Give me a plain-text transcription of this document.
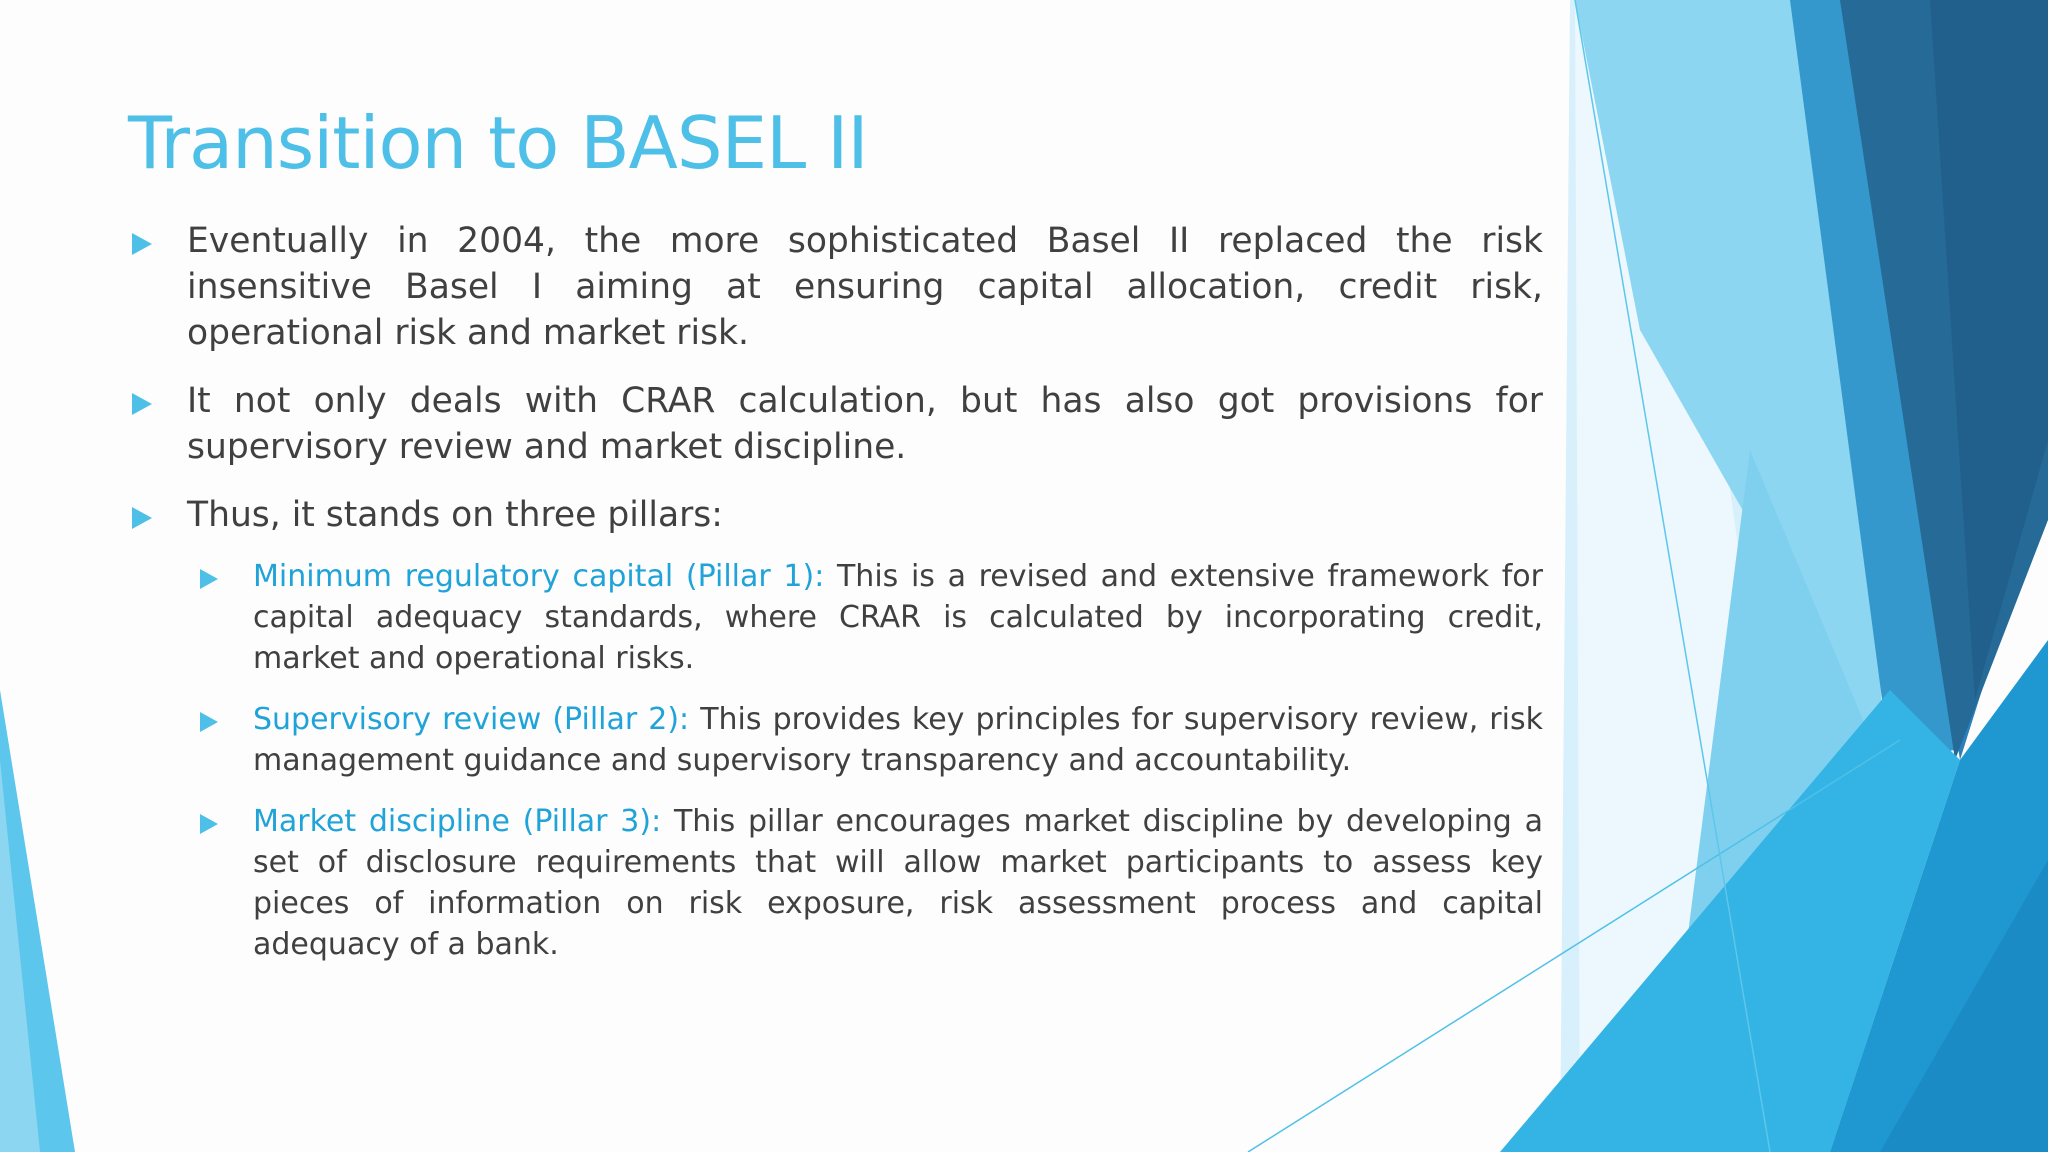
Transition to BASEL II
Eventually in 2004, the more sophisticated Basel II replaced the risk insensitive Basel I aiming at ensuring capital allocation, credit risk, operational risk and market risk.
It not only deals with CRAR calculation, but has also got provisions for supervisory review and market discipline.
Thus, it stands on three pillars:
Minimum regulatory capital (Pillar 1): This is a revised and extensive framework for capital adequacy standards, where CRAR is calculated by incorporating credit, market and operational risks.
Supervisory review (Pillar 2): This provides key principles for supervisory review, risk management guidance and supervisory transparency and accountability.
Market discipline (Pillar 3): This pillar encourages market discipline by developing a set of disclosure requirements that will allow market participants to assess key pieces of information on risk exposure, risk assessment process and capital adequacy of a bank.
